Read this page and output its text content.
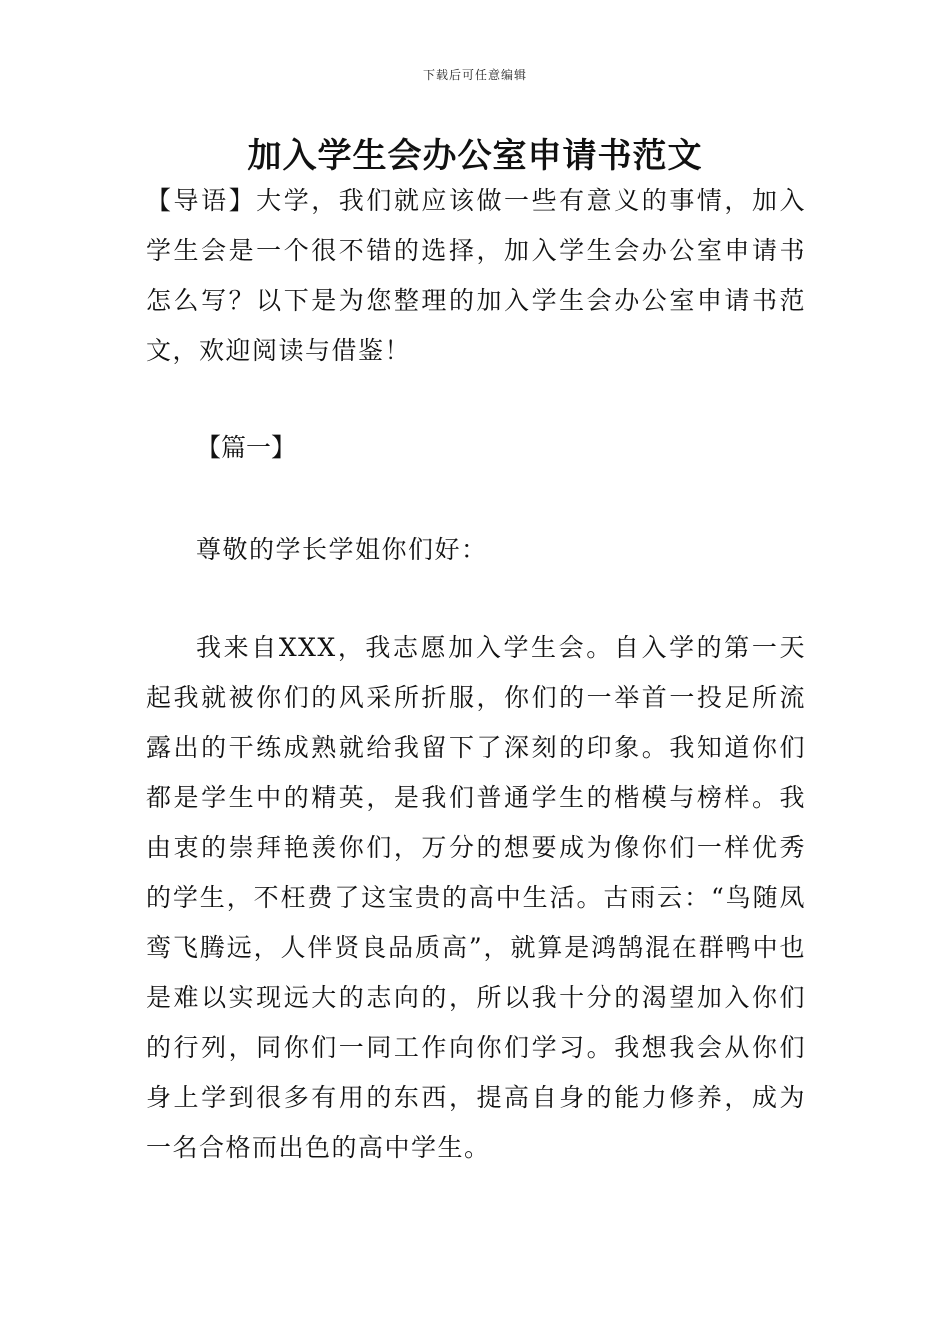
下载后可任意编辑
加入学生会办公室申请书范文

【导语】大学，我们就应该做一些有意义的事情，加入学生会是一个很不错的选择，加入学生会办公室申请书怎么写？以下是为您整理的加入学生会办公室申请书范文，欢迎阅读与借鉴！

【篇一】

尊敬的学长学姐你们好：

我来自XXX，我志愿加入学生会。自入学的第一天起我就被你们的风采所折服，你们的一举首一投足所流露出的干练成熟就给我留下了深刻的印象。我知道你们都是学生中的精英，是我们普通学生的楷模与榜样。我由衷的崇拜艳羡你们，万分的想要成为像你们一样优秀的学生，不枉费了这宝贵的高中生活。古雨云：“鸟随凤鸾飞腾远，人伴贤良品质高”，就算是鸿鹄混在群鸭中也是难以实现远大的志向的，所以我十分的渴望加入你们的行列，同你们一同工作向你们学习。我想我会从你们身上学到很多有用的东西，提高自身的能力修养，成为一名合格而出色的高中学生。
